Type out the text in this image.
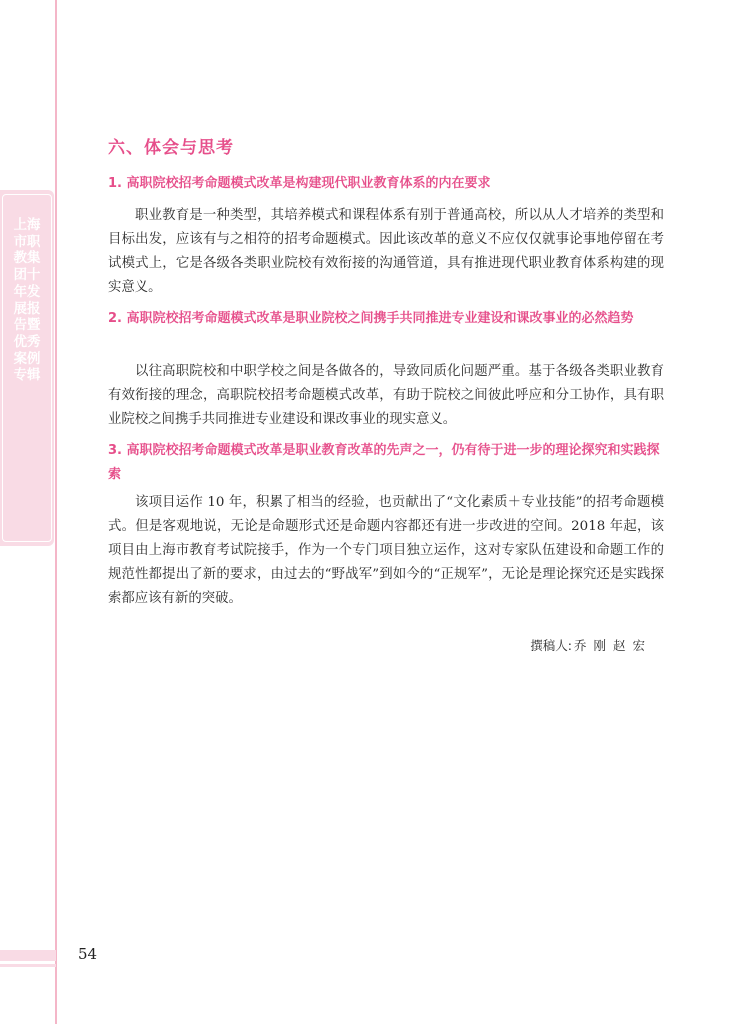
上海市职教集团十年发展报告暨优秀案例专辑
六、体会与思考
1. 高职院校招考命题模式改革是构建现代职业教育体系的内在要求
职业教育是一种类型，其培养模式和课程体系有别于普通高校，所以从人才培养的类型和目标出发，应该有与之相符的招考命题模式。因此该改革的意义不应仅仅就事论事地停留在考试模式上，它是各级各类职业院校有效衔接的沟通管道，具有推进现代职业教育体系构建的现实意义。
2. 高职院校招考命题模式改革是职业院校之间携手共同推进专业建设和课改事业的必然趋势
以往高职院校和中职学校之间是各做各的，导致同质化问题严重。基于各级各类职业教育有效衔接的理念，高职院校招考命题模式改革，有助于院校之间彼此呼应和分工协作，具有职业院校之间携手共同推进专业建设和课改事业的现实意义。
3. 高职院校招考命题模式改革是职业教育改革的先声之一，仍有待于进一步的理论探究和实践探索
该项目运作 10 年，积累了相当的经验，也贡献出了“文化素质＋专业技能”的招考命题模式。但是客观地说，无论是命题形式还是命题内容都还有进一步改进的空间。2018 年起，该项目由上海市教育考试院接手，作为一个专门项目独立运作，这对专家队伍建设和命题工作的规范性都提出了新的要求，由过去的“野战军”到如今的“正规军”，无论是理论探究还是实践探索都应该有新的突破。
撰稿人: 乔刚赵宏
54
